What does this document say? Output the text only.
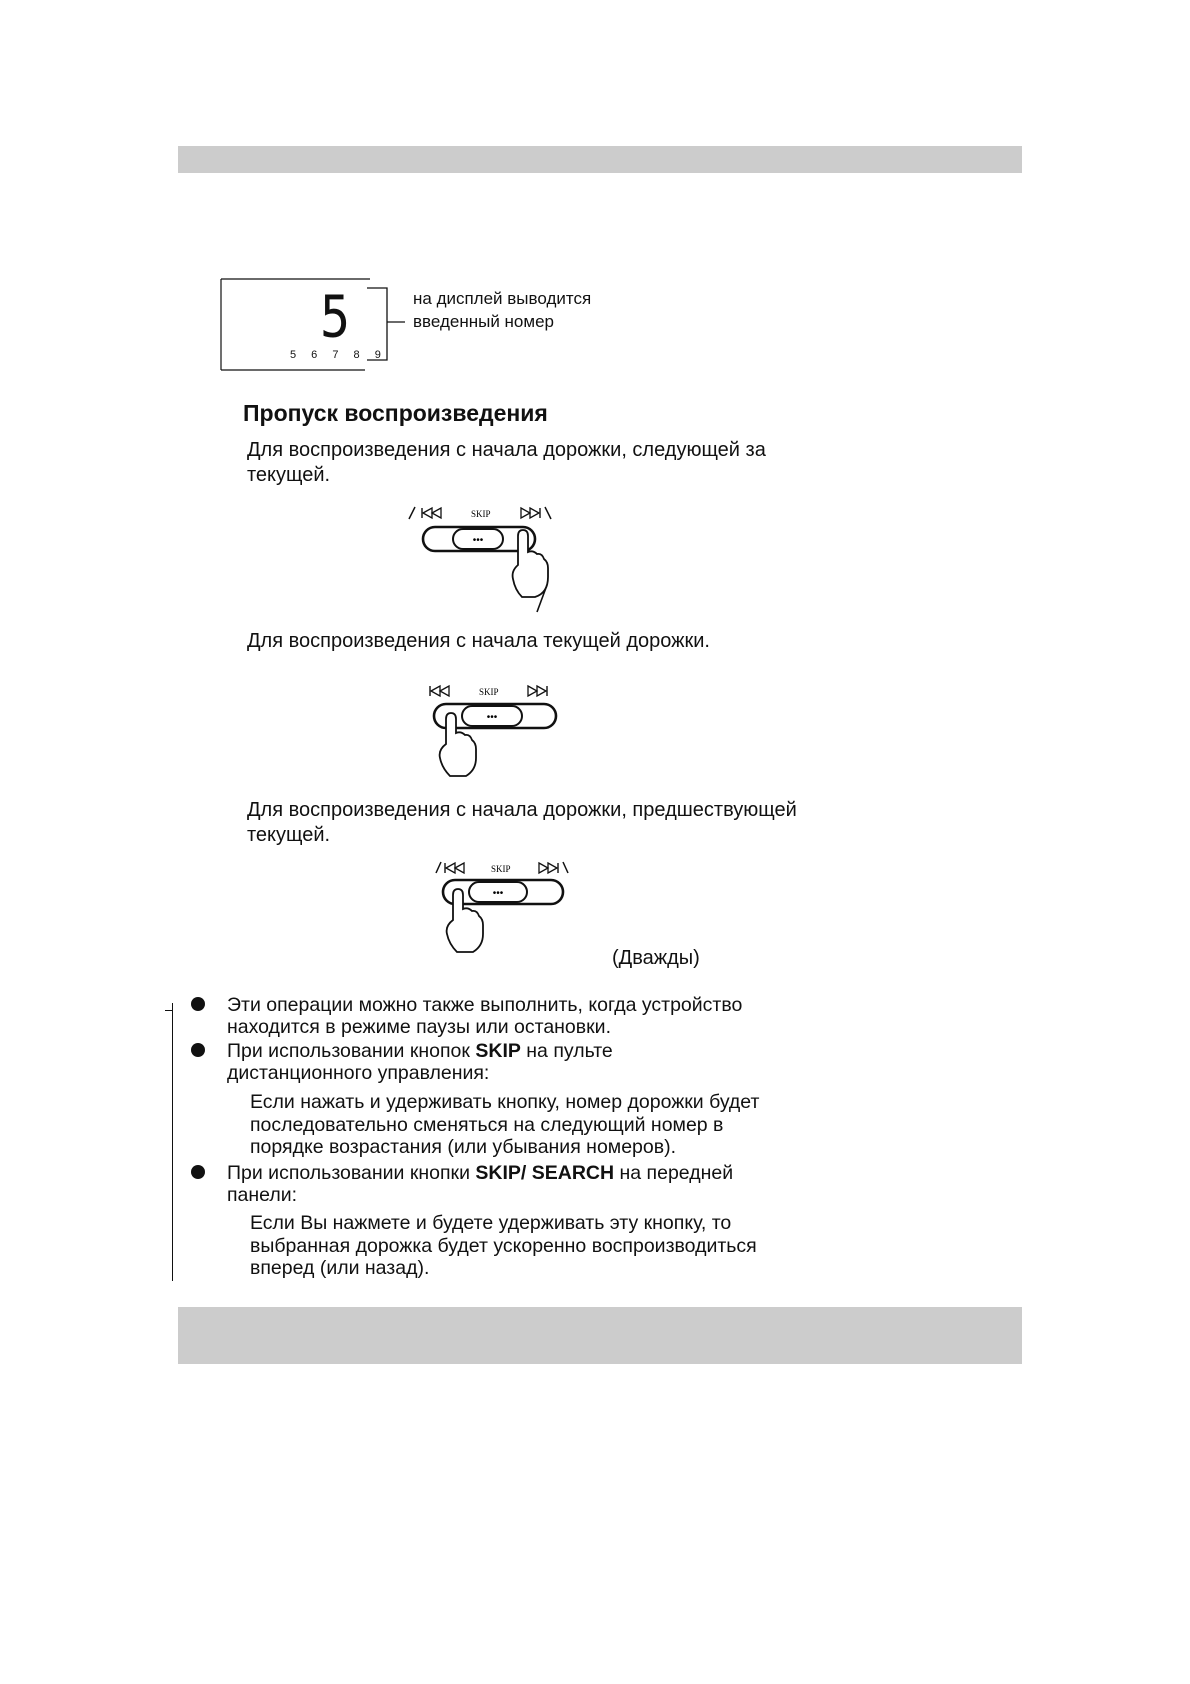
5
5 6 7 8 9
на дисплей выводится
введенный номер
Пропуск воспроизведения
Для воспроизведения с начала дорожки, следующей за
текущей.
SKIP
•••
Для воспроизведения с начала текущей дорожки.
SKIP
•••
Для воспроизведения с начала дорожки, предшествующей
текущей.
SKIP
•••
(Дважды)
Эти операции можно также выполнить, когда устройство
находится в режиме паузы или остановки.
При использовании кнопок SKIP на пульте
дистанционного управления:
Если нажать и удерживать кнопку, номер дорожки будет
последовательно сменяться на следующий номер в
порядке возрастания (или убывания номеров).
При использовании кнопки SKIP/ SEARCH на передней
панели:
Если Вы нажмете и будете удерживать эту кнопку, то
выбранная дорожка будет ускоренно воспроизводиться
вперед (или назад).
